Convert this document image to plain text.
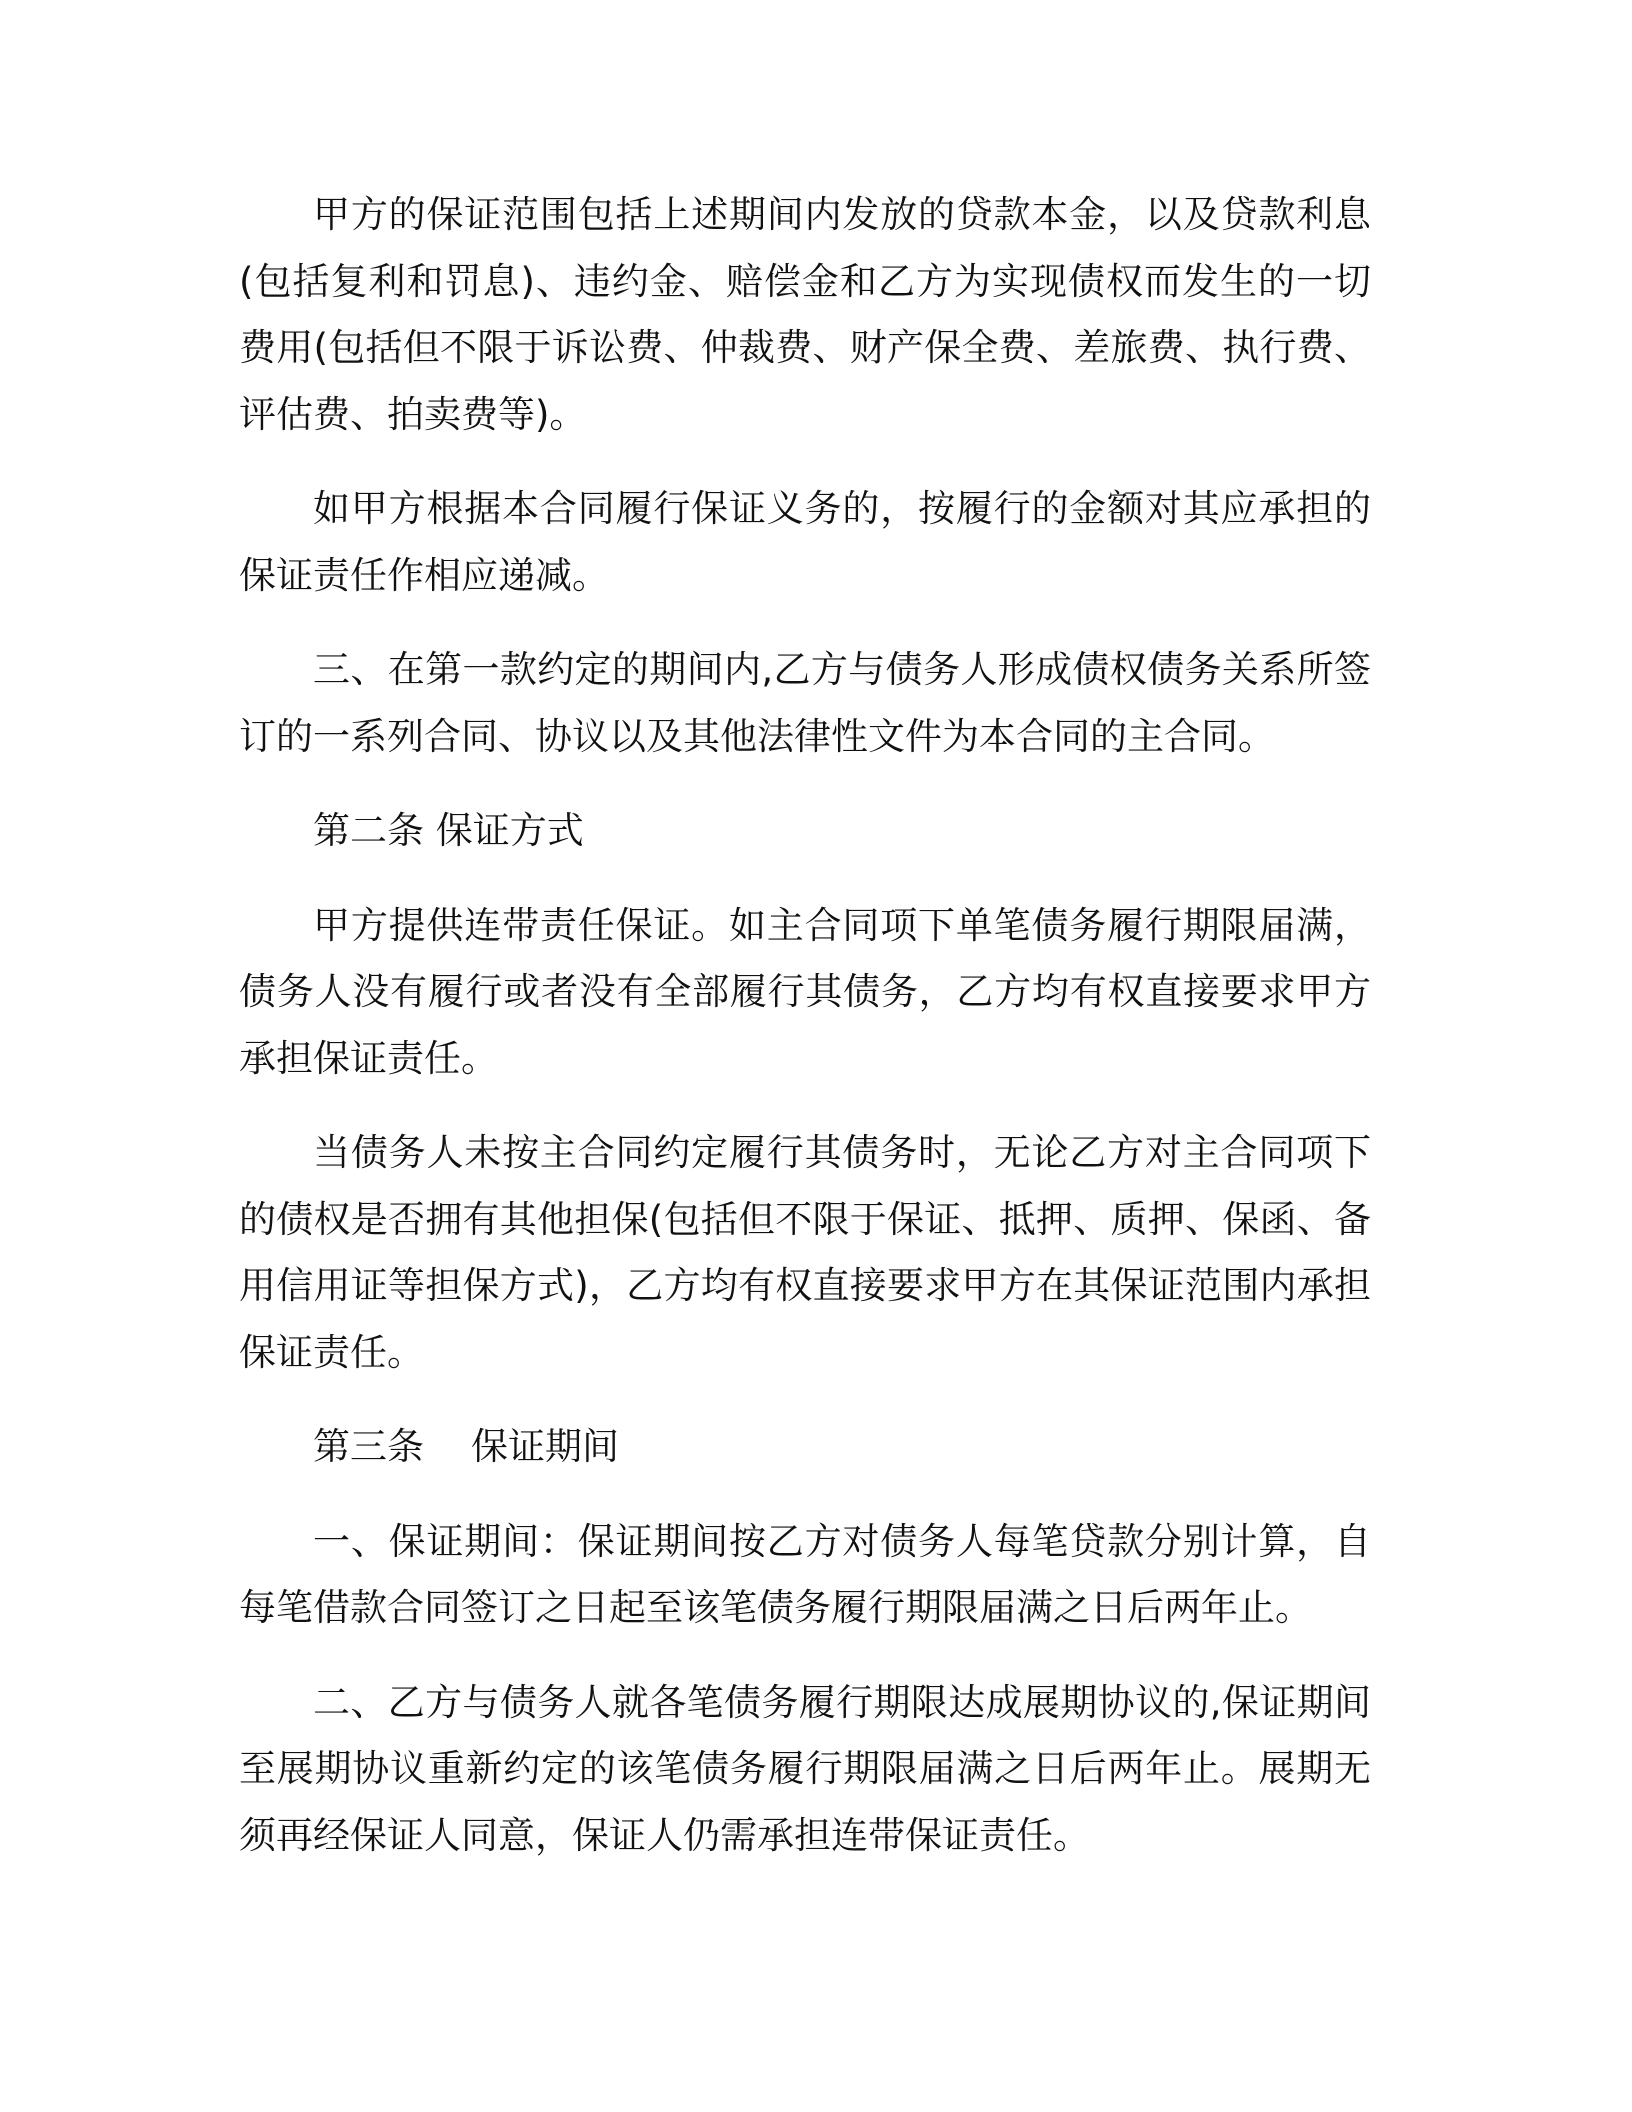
甲方的保证范围包括上述期间内发放的贷款本金，以及贷款利息(包括复利和罚息)、违约金、赔偿金和乙方为实现债权而发生的一切费用(包括但不限于诉讼费、仲裁费、财产保全费、差旅费、执行费、评估费、拍卖费等)。

如甲方根据本合同履行保证义务的，按履行的金额对其应承担的保证责任作相应递减。

三、在第一款约定的期间内,乙方与债务人形成债权债务关系所签订的一系列合同、协议以及其他法律性文件为本合同的主合同。

第二条 保证方式

甲方提供连带责任保证。如主合同项下单笔债务履行期限届满，债务人没有履行或者没有全部履行其债务，乙方均有权直接要求甲方承担保证责任。

当债务人未按主合同约定履行其债务时，无论乙方对主合同项下的债权是否拥有其他担保(包括但不限于保证、抵押、质押、保函、备用信用证等担保方式)，乙方均有权直接要求甲方在其保证范围内承担保证责任。

第三条    保证期间

一、保证期间：保证期间按乙方对债务人每笔贷款分别计算，自每笔借款合同签订之日起至该笔债务履行期限届满之日后两年止。

二、乙方与债务人就各笔债务履行期限达成展期协议的,保证期间至展期协议重新约定的该笔债务履行期限届满之日后两年止。展期无须再经保证人同意，保证人仍需承担连带保证责任。
